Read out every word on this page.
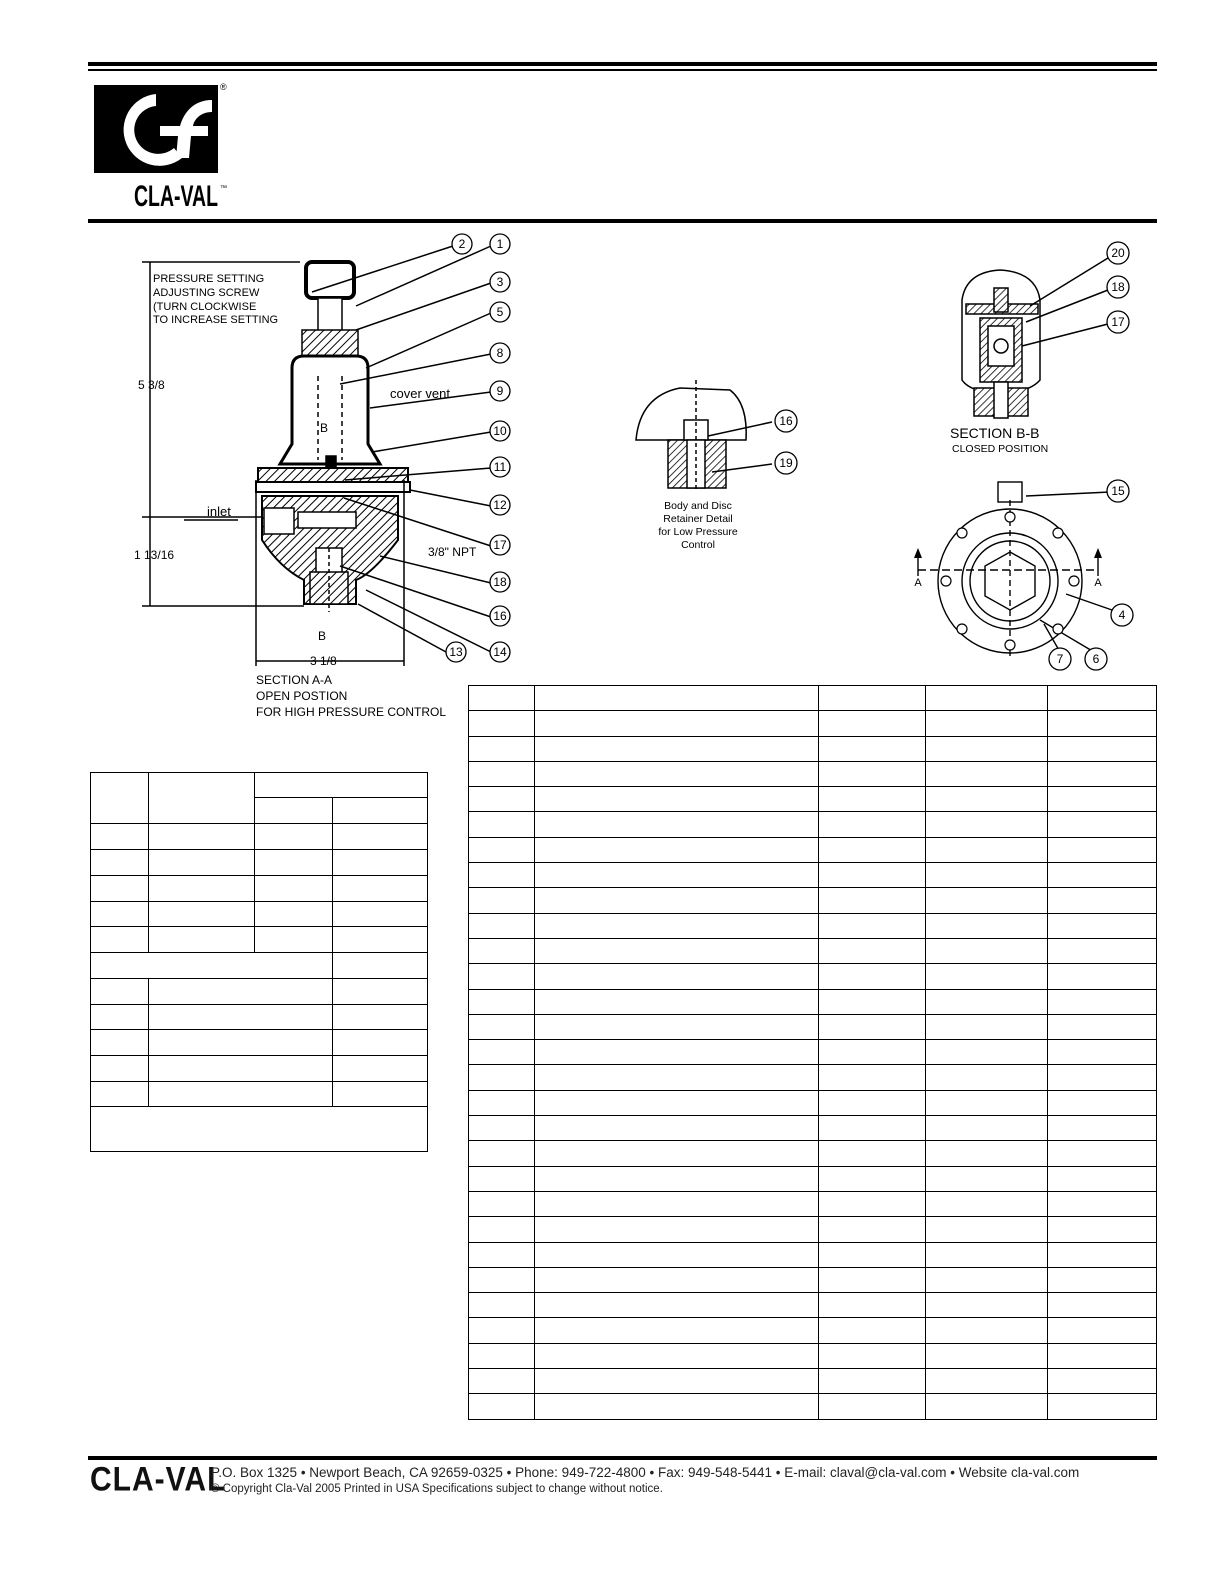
CLA-VAL ™
®
2	1
3
5
8
9
10
11
12
17
18
16
14
13
PRESSURE SETTING
ADJUSTING SCREW
(TURN CLOCKWISE
TO INCREASE SETTING
5 3/8
1 13/16
3 1/8
inlet
cover vent
3/8" NPT
B
B
SECTION A-A
OPEN POSTION
FOR HIGH PRESSURE CONTROL
16
19
Body and Disc
Retainer Detail
for Low Pressure
Control
20
18
17
SECTION B-B
CLOSED POSITION
15
4
7 6
A	A

CLA-VAL
P.O. Box 1325 • Newport Beach, CA 92659-0325 • Phone: 949-722-4800 • Fax: 949-548-5441 • E-mail: claval@cla-val.com • Website cla-val.com
© Copyright Cla-Val 2005 Printed in USA Specifications subject to change without notice.
